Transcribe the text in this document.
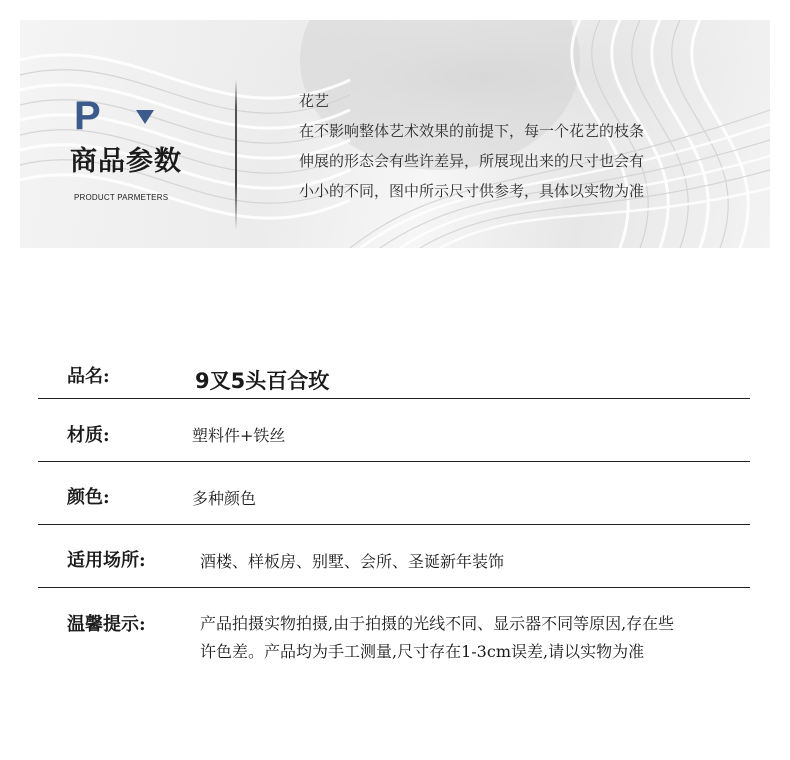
P
商品参数
PRODUCT PARMETERS
花艺
在不影响整体艺术效果的前提下，每一个花艺的枝条
伸展的形态会有些许差异，所展现出来的尺寸也会有
小小的不同，图中所示尺寸供参考，具体以实物为准
品名:	9叉5头百合玫
材质:	塑料件+铁丝
颜色:	多种颜色
适用场所:	酒楼、样板房、别墅、会所、圣诞新年装饰
温馨提示:	产品拍摄实物拍摄,由于拍摄的光线不同、显示器不同等原因,存在些
许色差。产品均为手工测量,尺寸存在1-3cm误差,请以实物为准
